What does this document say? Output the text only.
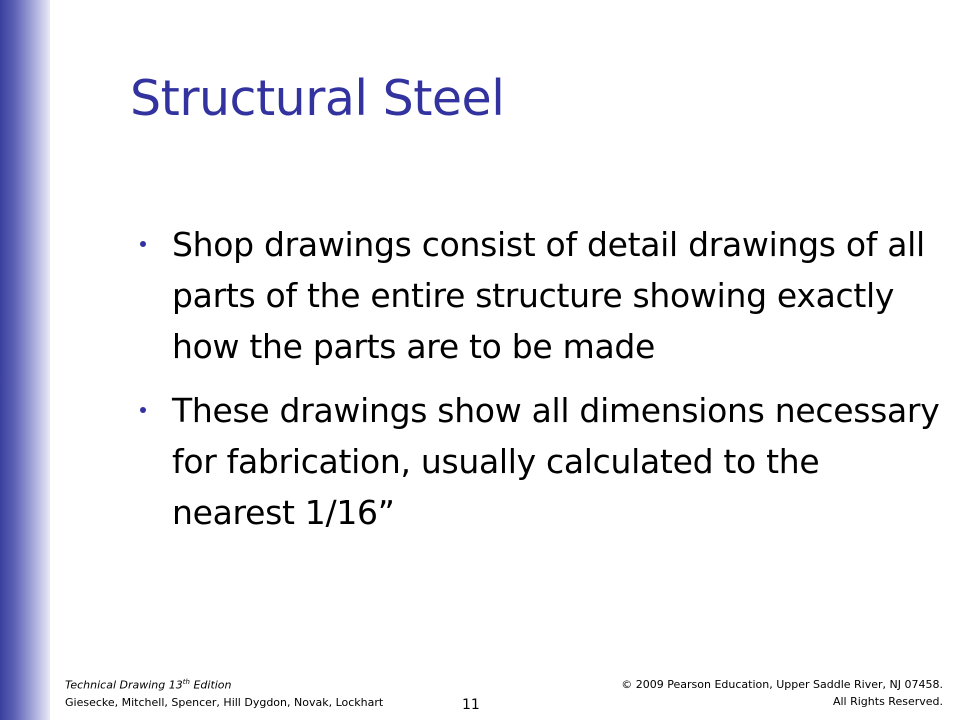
Structural Steel
Shop drawings consist of detail drawings of all parts of the entire structure showing exactly how the parts are to be made
These drawings show all dimensions necessary for fabrication, usually calculated to the nearest 1/16”
Technical Drawing 13th Edition
Giesecke, Mitchell, Spencer, Hill Dygdon, Novak, Lockhart	11
© 2009 Pearson Education, Upper Saddle River, NJ 07458.
All Rights Reserved.
